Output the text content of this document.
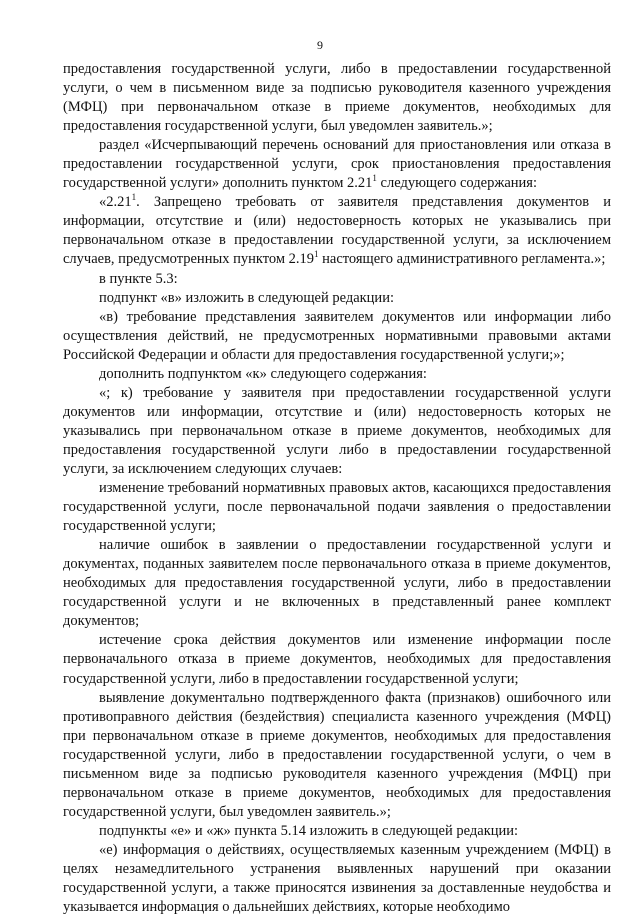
9

предоставления государственной услуги, либо в предоставлении государственной услуги, о чем в письменном виде за подписью руководителя казенного учреждения (МФЦ) при первоначальном отказе в приеме документов, необходимых для предоставления государственной услуги, был уведомлен заявитель.»;

раздел «Исчерпывающий перечень оснований для приостановления или отказа в предоставлении государственной услуги, срок приостановления предоставления государственной услуги» дополнить пунктом 2.21$^1$ следующего содержания:

«2.21$^1$. Запрещено требовать от заявителя представления документов и информации, отсутствие и (или) недостоверность которых не указывались при первоначальном отказе в предоставлении государственной услуги, за исключением случаев, предусмотренных пунктом 2.19$^1$ настоящего административного регламента.»;

в пункте 5.3:

подпункт «в» изложить в следующей редакции:

«в) требование представления заявителем документов или информации либо осуществления действий, не предусмотренных нормативными правовыми актами Российской Федерации и области для предоставления государственной услуги;»;

дополнить подпунктом «к» следующего содержания:

«; к) требование у заявителя при предоставлении государственной услуги документов или информации, отсутствие и (или) недостоверность которых не указывались при первоначальном отказе в приеме документов, необходимых для предоставления государственной услуги либо в предоставлении государственной услуги, за исключением следующих случаев:

изменение требований нормативных правовых актов, касающихся предоставления государственной услуги, после первоначальной подачи заявления о предоставлении государственной услуги;

наличие ошибок в заявлении о предоставлении государственной услуги и документах, поданных заявителем после первоначального отказа в приеме документов, необходимых для предоставления государственной услуги, либо в предоставлении государственной услуги и не включенных в представленный ранее комплект документов;

истечение срока действия документов или изменение информации после первоначального отказа в приеме документов, необходимых для предоставления государственной услуги, либо в предоставлении государственной услуги;

выявление документально подтвержденного факта (признаков) ошибочного или противоправного действия (бездействия) специалиста казенного учреждения (МФЦ) при первоначальном отказе в приеме документов, необходимых для предоставления государственной услуги, либо в предоставлении государственной услуги, о чем в письменном виде за подписью руководителя казенного учреждения (МФЦ) при первоначальном отказе в приеме документов, необходимых для предоставления государственной услуги, был уведомлен заявитель.»;

подпункты «е» и «ж» пункта 5.14 изложить в следующей редакции:

«е) информация о действиях, осуществляемых казенным учреждением (МФЦ) в целях незамедлительного устранения выявленных нарушений при оказании государственной услуги, а также приносятся извинения за доставленные неудобства и указывается информация о дальнейших действиях, которые необходимо
